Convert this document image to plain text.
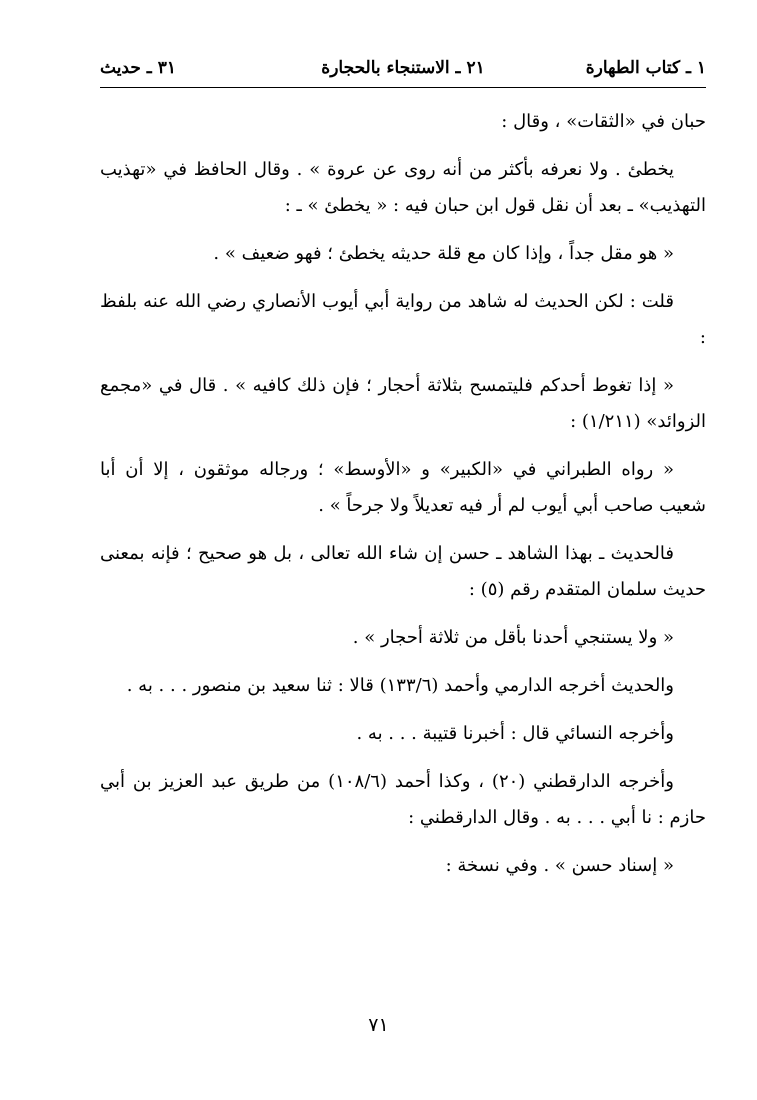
١ ـ كتاب الطهارة
٢١ ـ الاستنجاء بالحجارة
٣١ ـ حديث

حبان في «الثقات» ، وقال :

يخطئ . ولا نعرفه بأكثر من أنه روى عن عروة » . وقال الحافظ في «تهذيب التهذيب» ـ بعد أن نقل قول ابن حبان فيه : « يخطئ » ـ :

« هو مقل جداً ، وإذا كان مع قلة حديثه يخطئ ؛ فهو ضعيف » .

قلت : لكن الحديث له شاهد من رواية أبي أيوب الأنصاري رضي الله عنه بلفظ :

« إذا تغوط أحدكم فليتمسح بثلاثة أحجار ؛ فإن ذلك كافيه » . قال في «مجمع الزوائد» (١/٢١١) :

« رواه الطبراني في «الكبير» و «الأوسط» ؛ ورجاله موثقون ، إلا أن أبا شعيب صاحب أبي أيوب لم أر فيه تعديلاً ولا جرحاً » .

فالحديث ـ بهذا الشاهد ـ حسن إن شاء الله تعالى ، بل هو صحيح ؛ فإنه بمعنى حديث سلمان المتقدم رقم (٥) :

« ولا يستنجي أحدنا بأقل من ثلاثة أحجار » .

والحديث أخرجه الدارمي وأحمد (١٣٣/٦) قالا : ثنا سعيد بن منصور . . . به .

وأخرجه النسائي قال : أخبرنا قتيبة . . . به .

وأخرجه الدارقطني (٢٠) ، وكذا أحمد (١٠٨/٦) من طريق عبد العزيز بن أبي حازم : نا أبي . . . به . وقال الدارقطني :

« إسناد حسن » . وفي نسخة :

٧١
